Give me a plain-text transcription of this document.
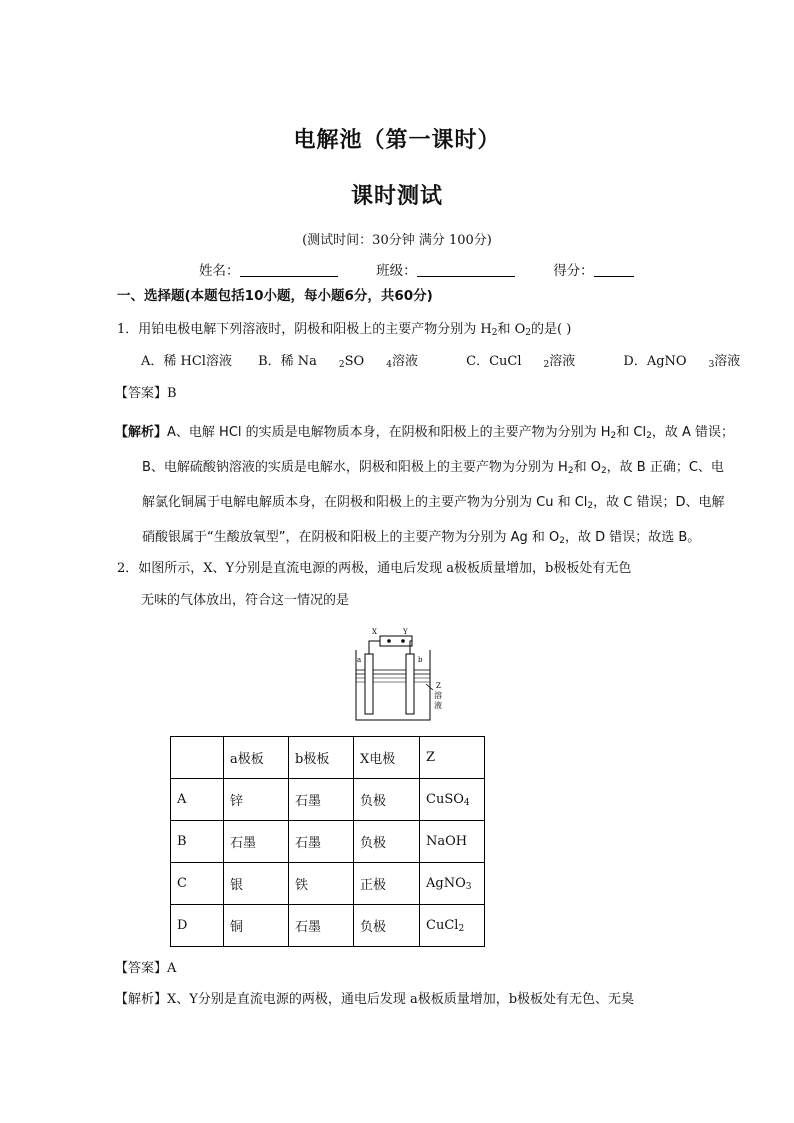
电解池（第一课时）
课时测试
(测试时间：30分钟 满分 100分)
姓名：	班级：	得分：
一、选择题(本题包括10小题，每小题6分，共60分)
1．用铂电极电解下列溶液时，阴极和阳极上的主要产物分别为 $H_2$和 $O_2$的是( )
A．稀 HCl溶液 B．稀 Na $_2$SO $_4$溶液	C．CuCl $_2$溶液	D．AgNO $_3$溶液
【答案】B
【解析】A、电解 HCl 的实质是电解物质本身，在阴极和阳极上的主要产物为分别为 $H_2$和 $Cl_2$，故 A 错误；
B、电解硫酸钠溶液的实质是电解水，阴极和阳极上的主要产物为分别为 $H_2$和 $O_2$，故 B 正确；C、电
解氯化铜属于电解电解质本身，在阴极和阳极上的主要产物为分别为 Cu 和 $Cl_2$，故 C 错误；D、电解
硝酸银属于“生酸放氧型”，在阴极和阳极上的主要产物为分别为 Ag 和 $O_2$，故 D 错误；故选 B。
2．如图所示，X、Y分别是直流电源的两极，通电后发现 a极板质量增加，b极板处有无色
无味的气体放出，符合这一情况的是
X	Y
a	b
Z
溶
液
	a极板	b极板	X电极	Z
A	锌	石墨	负极	CuSO$_4$
B	石墨	石墨	负极	NaOH
C	银	铁	正极	AgNO$_3$
D	铜	石墨	负极	CuCl$_2$
【答案】A
【解析】X、Y分别是直流电源的两极，通电后发现 a极板质量增加，b极板处有无色、无臭
